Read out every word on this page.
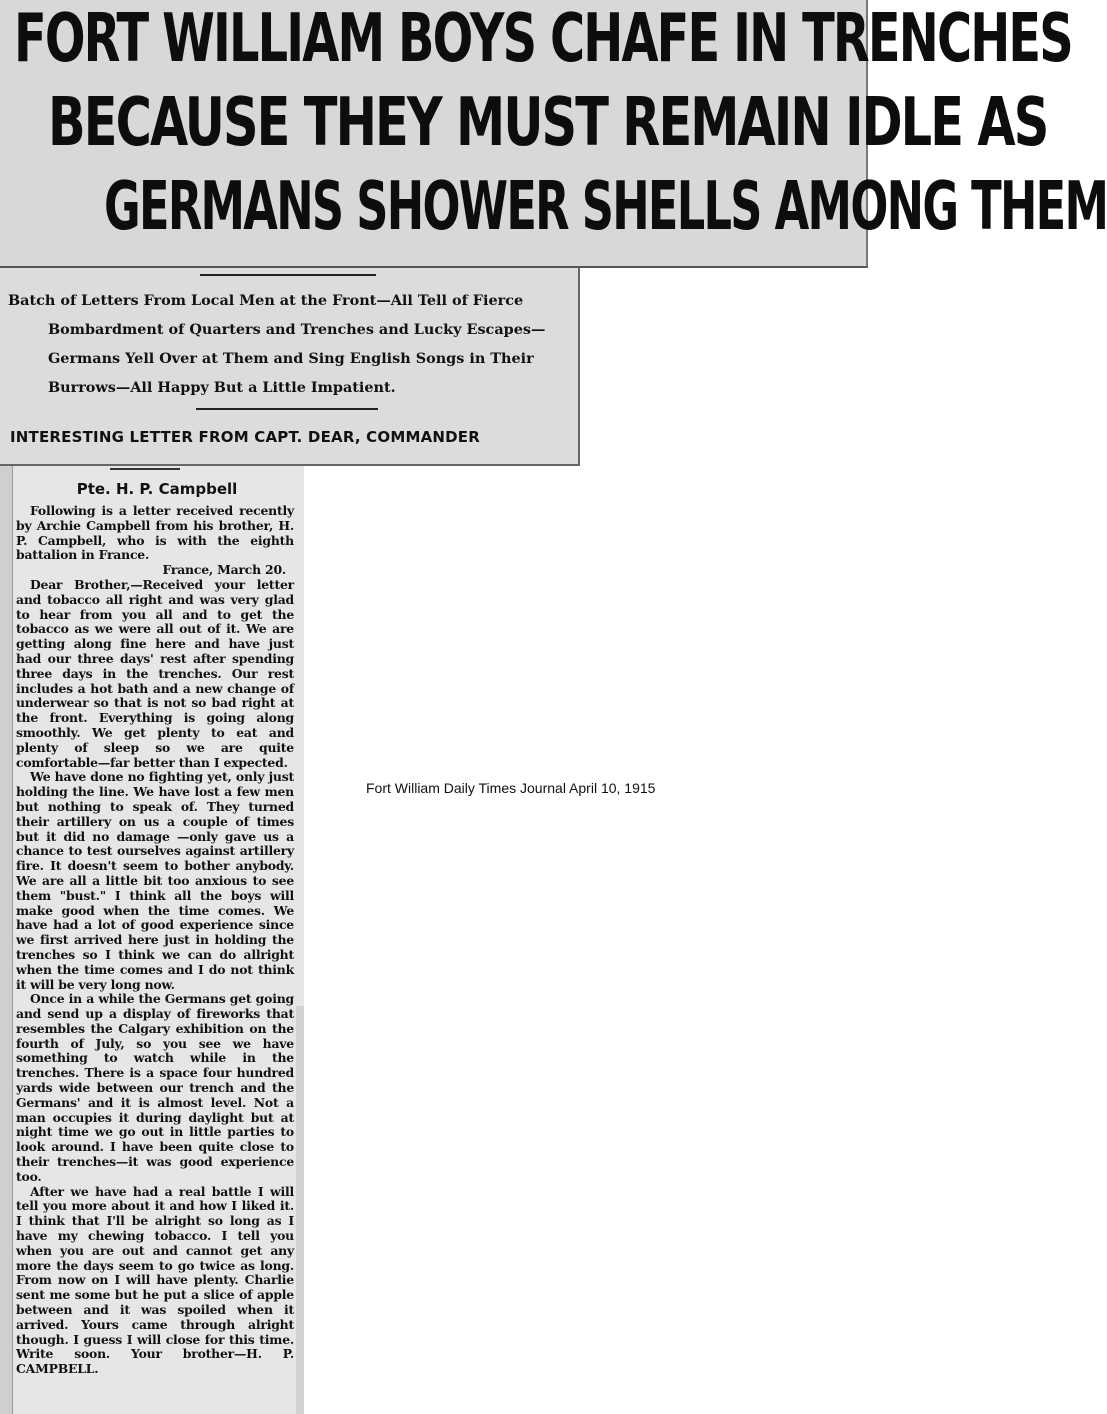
FORT WILLIAM BOYS CHAFE IN TRENCHES
BECAUSE THEY MUST REMAIN IDLE AS
GERMANS SHOWER SHELLS AMONG THEM
Batch of Letters From Local Men at the Front—All Tell of Fierce
Bombardment of Quarters and Trenches and Lucky Escapes—
Germans Yell Over at Them and Sing English Songs in Their
Burrows—All Happy But a Little Impatient.
INTERESTING LETTER FROM CAPT. DEAR, COMMANDER
Pte. H. P. Campbell

Following is a letter received recently by Archie Campbell from his brother, H. P. Campbell, who is with the eighth battalion in France.

France, March 20.

Dear Brother,—Received your letter and tobacco all right and was very glad to hear from you all and to get the tobacco as we were all out of it. We are getting along fine here and have just had our three days' rest after spending three days in the trenches. Our rest includes a hot bath and a new change of underwear so that is not so bad right at the front. Everything is going along smoothly. We get plenty to eat and plenty of sleep so we are quite comfortable—far better than I expected.

We have done no fighting yet, only just holding the line. We have lost a few men but nothing to speak of. They turned their artillery on us a couple of times but it did no damage —only gave us a chance to test ourselves against artillery fire. It doesn't seem to bother anybody. We are all a little bit too anxious to see them "bust." I think all the boys will make good when the time comes. We have had a lot of good experience since we first arrived here just in holding the trenches so I think we can do allright when the time comes and I do not think it will be very long now.

Once in a while the Germans get going and send up a display of fireworks that resembles the Calgary exhibition on the fourth of July, so you see we have something to watch while in the trenches. There is a space four hundred yards wide between our trench and the Germans' and it is almost level. Not a man occupies it during daylight but at night time we go out in little parties to look around. I have been quite close to their trenches—it was good experience too.

After we have had a real battle I will tell you more about it and how I liked it. I think that I'll be alright so long as I have my chewing tobacco. I tell you when you are out and cannot get any more the days seem to go twice as long. From now on I will have plenty. Charlie sent me some but he put a slice of apple between and it was spoiled when it arrived. Yours came through alright though. I guess I will close for this time. Write soon. Your brother—H. P. CAMPBELL.

Fort William Daily Times Journal April 10, 1915
